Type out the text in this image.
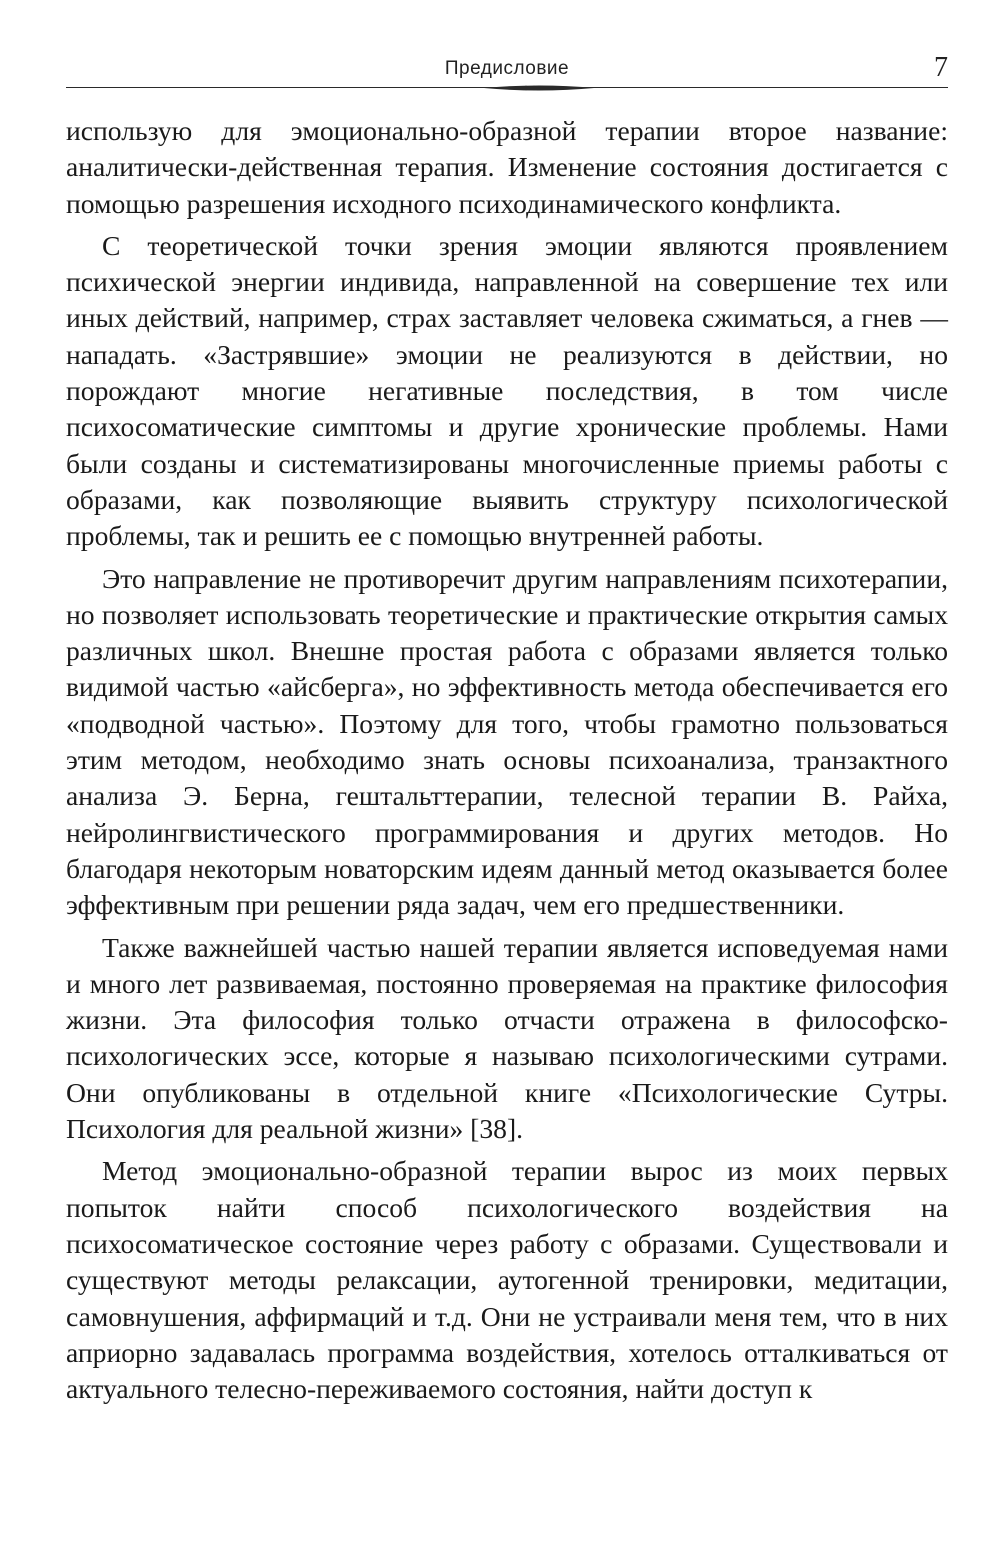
Предисловие	7

использую для эмоционально-образной терапии второе название: аналитически-действенная терапия. Изменение состояния достигается с помощью разрешения исходного психодинамического конфликта.

С теоретической точки зрения эмоции являются проявлением психической энергии индивида, направленной на совершение тех или иных действий, например, страх заставляет человека сжиматься, а гнев — нападать. «Застрявшие» эмоции не реализуются в действии, но порождают многие негативные последствия, в том числе психосоматические симптомы и другие хронические проблемы. Нами были созданы и систематизированы многочисленные приемы работы с образами, как позволяющие выявить структуру психологической проблемы, так и решить ее с помощью внутренней работы.

Это направление не противоречит другим направлениям психотерапии, но позволяет использовать теоретические и практические открытия самых различных школ. Внешне простая работа с образами является только видимой частью «айсберга», но эффективность метода обеспечивается его «подводной частью». Поэтому для того, чтобы грамотно пользоваться этим методом, необходимо знать основы психоанализа, транзактного анализа Э. Берна, гештальттерапии, телесной терапии В. Райха, нейролингвистического программирования и других методов. Но благодаря некоторым новаторским идеям данный метод оказывается более эффективным при решении ряда задач, чем его предшественники.

Также важнейшей частью нашей терапии является исповедуемая нами и много лет развиваемая, постоянно проверяемая на практике философия жизни. Эта философия только отчасти отражена в философско-психологических эссе, которые я называю психологическими сутрами. Они опубликованы в отдельной книге «Психологические Сутры. Психология для реальной жизни» [38].

Метод эмоционально-образной терапии вырос из моих первых попыток найти способ психологического воздействия на психосоматическое состояние через работу с образами. Существовали и существуют методы релаксации, аутогенной тренировки, медитации, самовнушения, аффирмаций и т.д. Они не устраивали меня тем, что в них априорно задавалась программа воздействия, хотелось отталкиваться от актуального телесно-переживаемого состояния, найти доступ к
